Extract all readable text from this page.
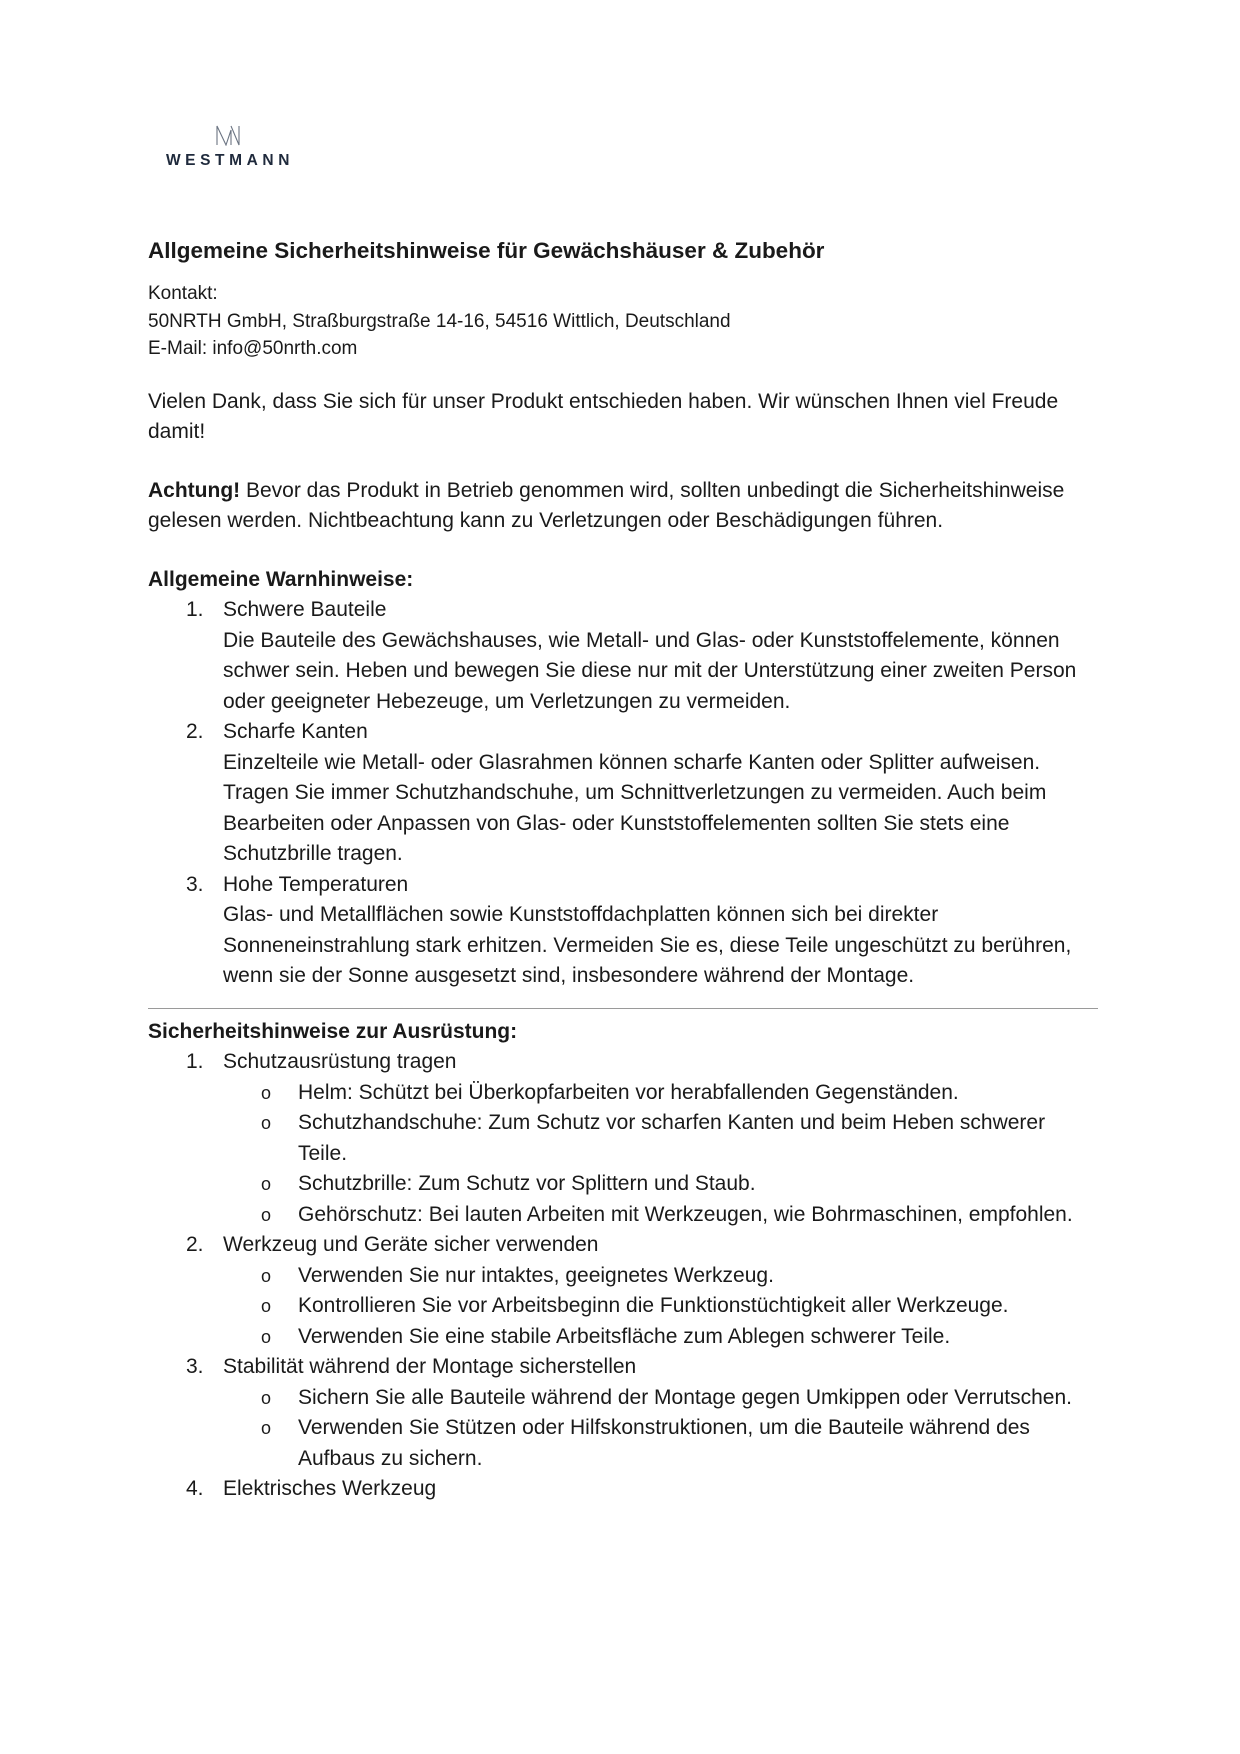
WESTMANN
Allgemeine Sicherheitshinweise für Gewächshäuser & Zubehör
Kontakt:
50NRTH GmbH, Straßburgstraße 14-16, 54516 Wittlich, Deutschland
E-Mail: info@50nrth.com

Vielen Dank, dass Sie sich für unser Produkt entschieden haben. Wir wünschen Ihnen viel Freude damit!

Achtung! Bevor das Produkt in Betrieb genommen wird, sollten unbedingt die Sicherheitshinweise gelesen werden. Nichtbeachtung kann zu Verletzungen oder Beschädigungen führen.

Allgemeine Warnhinweise:
1. Schwere Bauteile
Die Bauteile des Gewächshauses, wie Metall- und Glas- oder Kunststoffelemente, können schwer sein. Heben und bewegen Sie diese nur mit der Unterstützung einer zweiten Person oder geeigneter Hebezeuge, um Verletzungen zu vermeiden.
2. Scharfe Kanten
Einzelteile wie Metall- oder Glasrahmen können scharfe Kanten oder Splitter aufweisen. Tragen Sie immer Schutzhandschuhe, um Schnittverletzungen zu vermeiden. Auch beim Bearbeiten oder Anpassen von Glas- oder Kunststoffelementen sollten Sie stets eine Schutzbrille tragen.
3. Hohe Temperaturen
Glas- und Metallflächen sowie Kunststoffdachplatten können sich bei direkter Sonneneinstrahlung stark erhitzen. Vermeiden Sie es, diese Teile ungeschützt zu berühren, wenn sie der Sonne ausgesetzt sind, insbesondere während der Montage.
Sicherheitshinweise zur Ausrüstung:
1. Schutzausrüstung tragen
o Helm: Schützt bei Überkopfarbeiten vor herabfallenden Gegenständen.
o Schutzhandschuhe: Zum Schutz vor scharfen Kanten und beim Heben schwerer Teile.
o Schutzbrille: Zum Schutz vor Splittern und Staub.
o Gehörschutz: Bei lauten Arbeiten mit Werkzeugen, wie Bohrmaschinen, empfohlen.
2. Werkzeug und Geräte sicher verwenden
o Verwenden Sie nur intaktes, geeignetes Werkzeug.
o Kontrollieren Sie vor Arbeitsbeginn die Funktionstüchtigkeit aller Werkzeuge.
o Verwenden Sie eine stabile Arbeitsfläche zum Ablegen schwerer Teile.
3. Stabilität während der Montage sicherstellen
o Sichern Sie alle Bauteile während der Montage gegen Umkippen oder Verrutschen.
o Verwenden Sie Stützen oder Hilfskonstruktionen, um die Bauteile während des Aufbaus zu sichern.
4. Elektrisches Werkzeug
